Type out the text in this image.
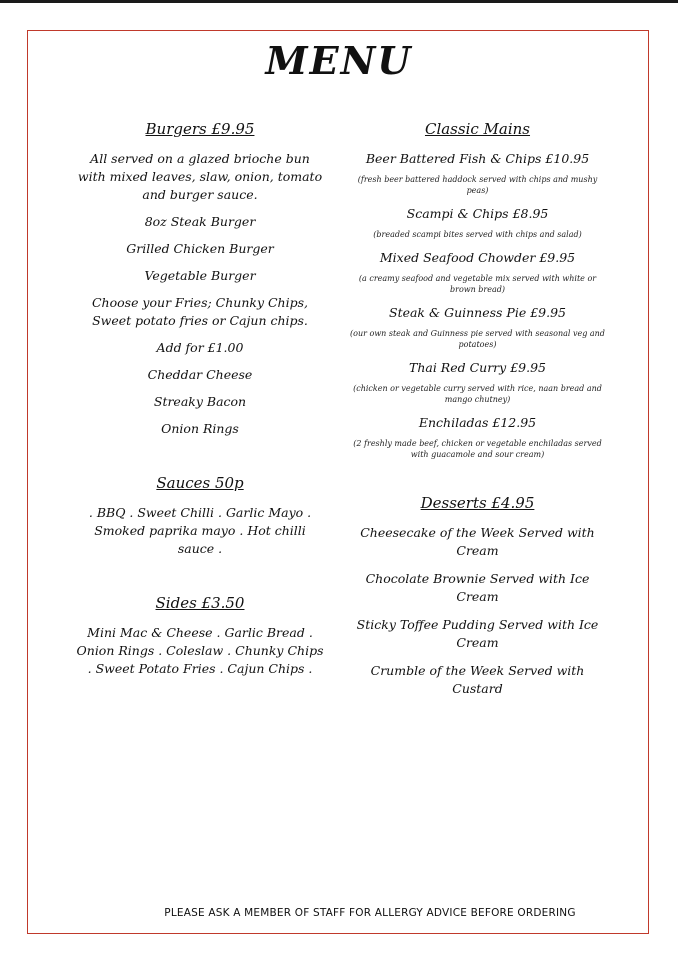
MENU

Burgers £9.95

All served on a glazed brioche bun with mixed leaves, slaw, onion, tomato and burger sauce.

8oz Steak Burger

Grilled Chicken Burger

Vegetable Burger

Choose your Fries; Chunky Chips, Sweet potato fries or Cajun chips.

Add for £1.00

Cheddar Cheese

Streaky Bacon

Onion Rings

Sauces 50p

. BBQ . Sweet Chilli . Garlic Mayo .

Smoked paprika mayo . Hot chilli sauce .

Sides £3.50

Mini Mac & Cheese . Garlic Bread . Onion Rings . Coleslaw . Chunky Chips . Sweet Potato Fries . Cajun Chips .

Classic Mains

Beer Battered Fish & Chips £10.95

(fresh beer battered haddock served with chips and mushy peas)

Scampi & Chips £8.95

(breaded scampi bites served with chips and salad)

Mixed Seafood Chowder £9.95

(a creamy seafood and vegetable mix served with white or brown bread)

Steak & Guinness Pie £9.95

(our own steak and Guinness pie served with seasonal veg and potatoes)

Thai Red Curry £9.95

(chicken or vegetable curry served with rice, naan bread and mango chutney)

Enchiladas £12.95

(2 freshly made beef, chicken or vegetable enchiladas served with guacamole and sour cream)

Desserts £4.95

Cheesecake of the Week Served with Cream

Chocolate Brownie Served with Ice Cream

Sticky Toffee Pudding Served with Ice Cream

Crumble of the Week Served with Custard

PLEASE ASK A MEMBER OF STAFF FOR ALLERGY ADVICE BEFORE ORDERING
